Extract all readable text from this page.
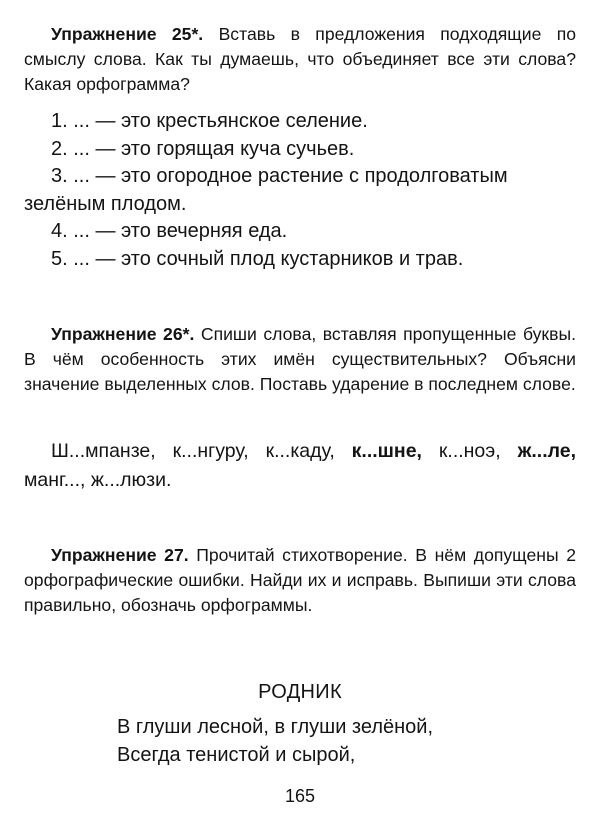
Упражнение 25*. Вставь в предложения подходящие по смыслу слова. Как ты думаешь, что объединяет все эти слова? Какая орфограмма?

1. ... — это крестьянское селение.
2. ... — это горящая куча сучьев.
3. ... — это огородное растение с продолговатым зелёным плодом.
4. ... — это вечерняя еда.
5. ... — это сочный плод кустарников и трав.

Упражнение 26*. Спиши слова, вставляя пропущенные буквы. В чём особенность этих имён существительных? Объясни значение выделенных слов. Поставь ударение в последнем слове.

Ш...мпанзе, к...нгуру, к...каду, к...шне, к...ноэ, ж...ле, манг..., ж...люзи.

Упражнение 27. Прочитай стихотворение. В нём допущены 2 орфографические ошибки. Найди их и исправь. Выпиши эти слова правильно, обозначь орфограммы.

РОДНИК
В глуши лесной, в глуши зелёной,
Всегда тенистой и сырой,
165
